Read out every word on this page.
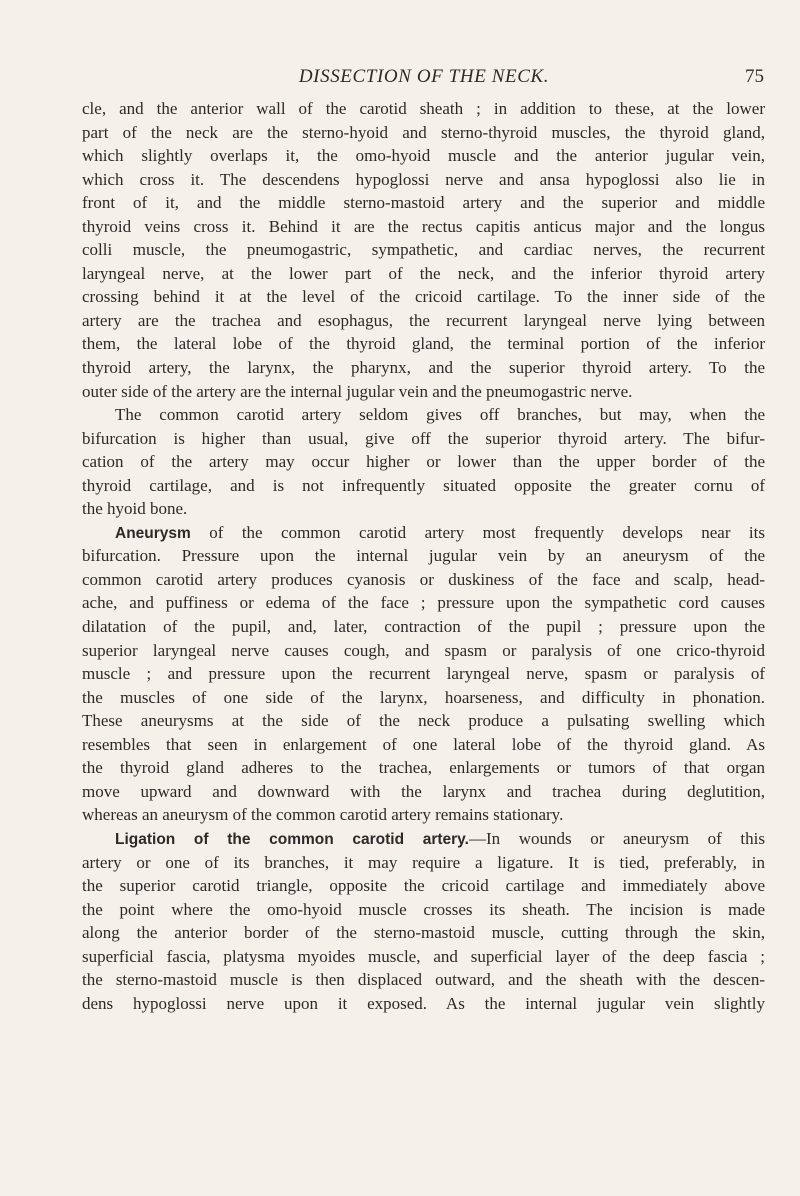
DISSECTION OF THE NECK.	75
cle, and the anterior wall of the carotid sheath ; in addition to these, at the lower
part of the neck are the sterno-hyoid and sterno-thyroid muscles, the thyroid gland,
which slightly overlaps it, the omo-hyoid muscle and the anterior jugular vein,
which cross it. The descendens hypoglossi nerve and ansa hypoglossi also lie in
front of it, and the middle sterno-mastoid artery and the superior and middle
thyroid veins cross it. Behind it are the rectus capitis anticus major and the longus
colli muscle, the pneumogastric, sympathetic, and cardiac nerves, the recurrent
laryngeal nerve, at the lower part of the neck, and the inferior thyroid artery
crossing behind it at the level of the cricoid cartilage. To the inner side of the
artery are the trachea and esophagus, the recurrent laryngeal nerve lying between
them, the lateral lobe of the thyroid gland, the terminal portion of the inferior
thyroid artery, the larynx, the pharynx, and the superior thyroid artery. To the
outer side of the artery are the internal jugular vein and the pneumogastric nerve.
The common carotid artery seldom gives off branches, but may, when the
bifurcation is higher than usual, give off the superior thyroid artery. The bifur-
cation of the artery may occur higher or lower than the upper border of the
thyroid cartilage, and is not infrequently situated opposite the greater cornu of
the hyoid bone.
Aneurysm of the common carotid artery most frequently develops near its
bifurcation. Pressure upon the internal jugular vein by an aneurysm of the
common carotid artery produces cyanosis or duskiness of the face and scalp, head-
ache, and puffiness or edema of the face ; pressure upon the sympathetic cord causes
dilatation of the pupil, and, later, contraction of the pupil ; pressure upon the
superior laryngeal nerve causes cough, and spasm or paralysis of one crico-thyroid
muscle ; and pressure upon the recurrent laryngeal nerve, spasm or paralysis of
the muscles of one side of the larynx, hoarseness, and difficulty in phonation.
These aneurysms at the side of the neck produce a pulsating swelling which
resembles that seen in enlargement of one lateral lobe of the thyroid gland. As
the thyroid gland adheres to the trachea, enlargements or tumors of that organ
move upward and downward with the larynx and trachea during deglutition,
whereas an aneurysm of the common carotid artery remains stationary.
Ligation of the common carotid artery.—In wounds or aneurysm of this
artery or one of its branches, it may require a ligature. It is tied, preferably, in
the superior carotid triangle, opposite the cricoid cartilage and immediately above
the point where the omo-hyoid muscle crosses its sheath. The incision is made
along the anterior border of the sterno-mastoid muscle, cutting through the skin,
superficial fascia, platysma myoides muscle, and superficial layer of the deep fascia ;
the sterno-mastoid muscle is then displaced outward, and the sheath with the descen-
dens hypoglossi nerve upon it exposed. As the internal jugular vein slightly
